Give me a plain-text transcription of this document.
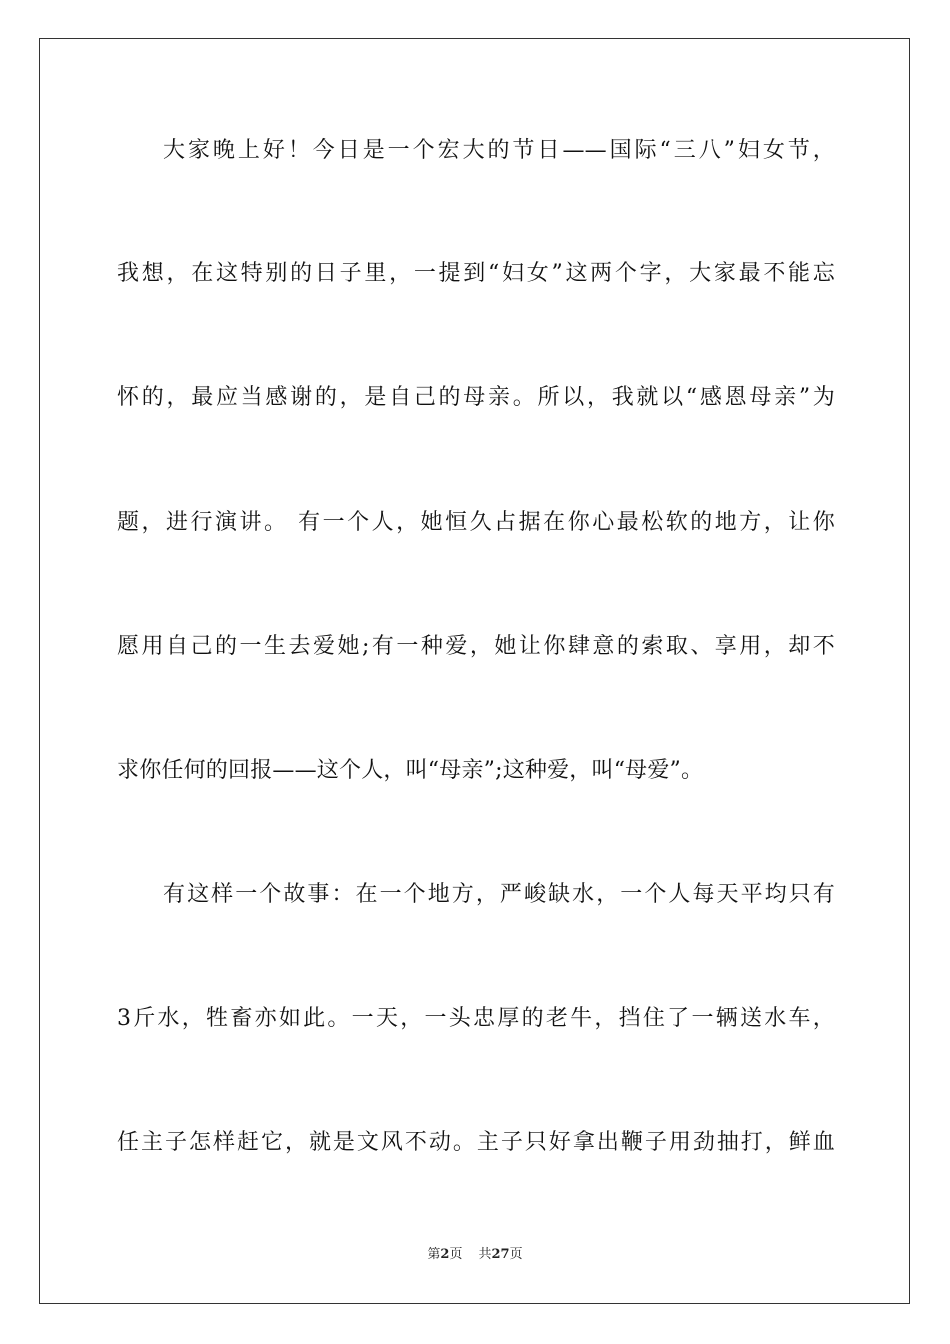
大家晚上好！今日是一个宏大的节日——国际“三八”妇女节，
我想，在这特别的日子里，一提到“妇女”这两个字，大家最不能忘
怀的，最应当感谢的，是自己的母亲。所以，我就以“感恩母亲”为
题，进行演讲。 有一个人，她恒久占据在你心最松软的地方，让你
愿用自己的一生去爱她;有一种爱，她让你肆意的索取、享用，却不
求你任何的回报——这个人，叫“母亲”;这种爱，叫“母爱”。
有这样一个故事：在一个地方，严峻缺水，一个人每天平均只有
3斤水，牲畜亦如此。一天，一头忠厚的老牛，挡住了一辆送水车，
任主子怎样赶它，就是文风不动。主子只好拿出鞭子用劲抽打，鲜血
第2页 共27页
